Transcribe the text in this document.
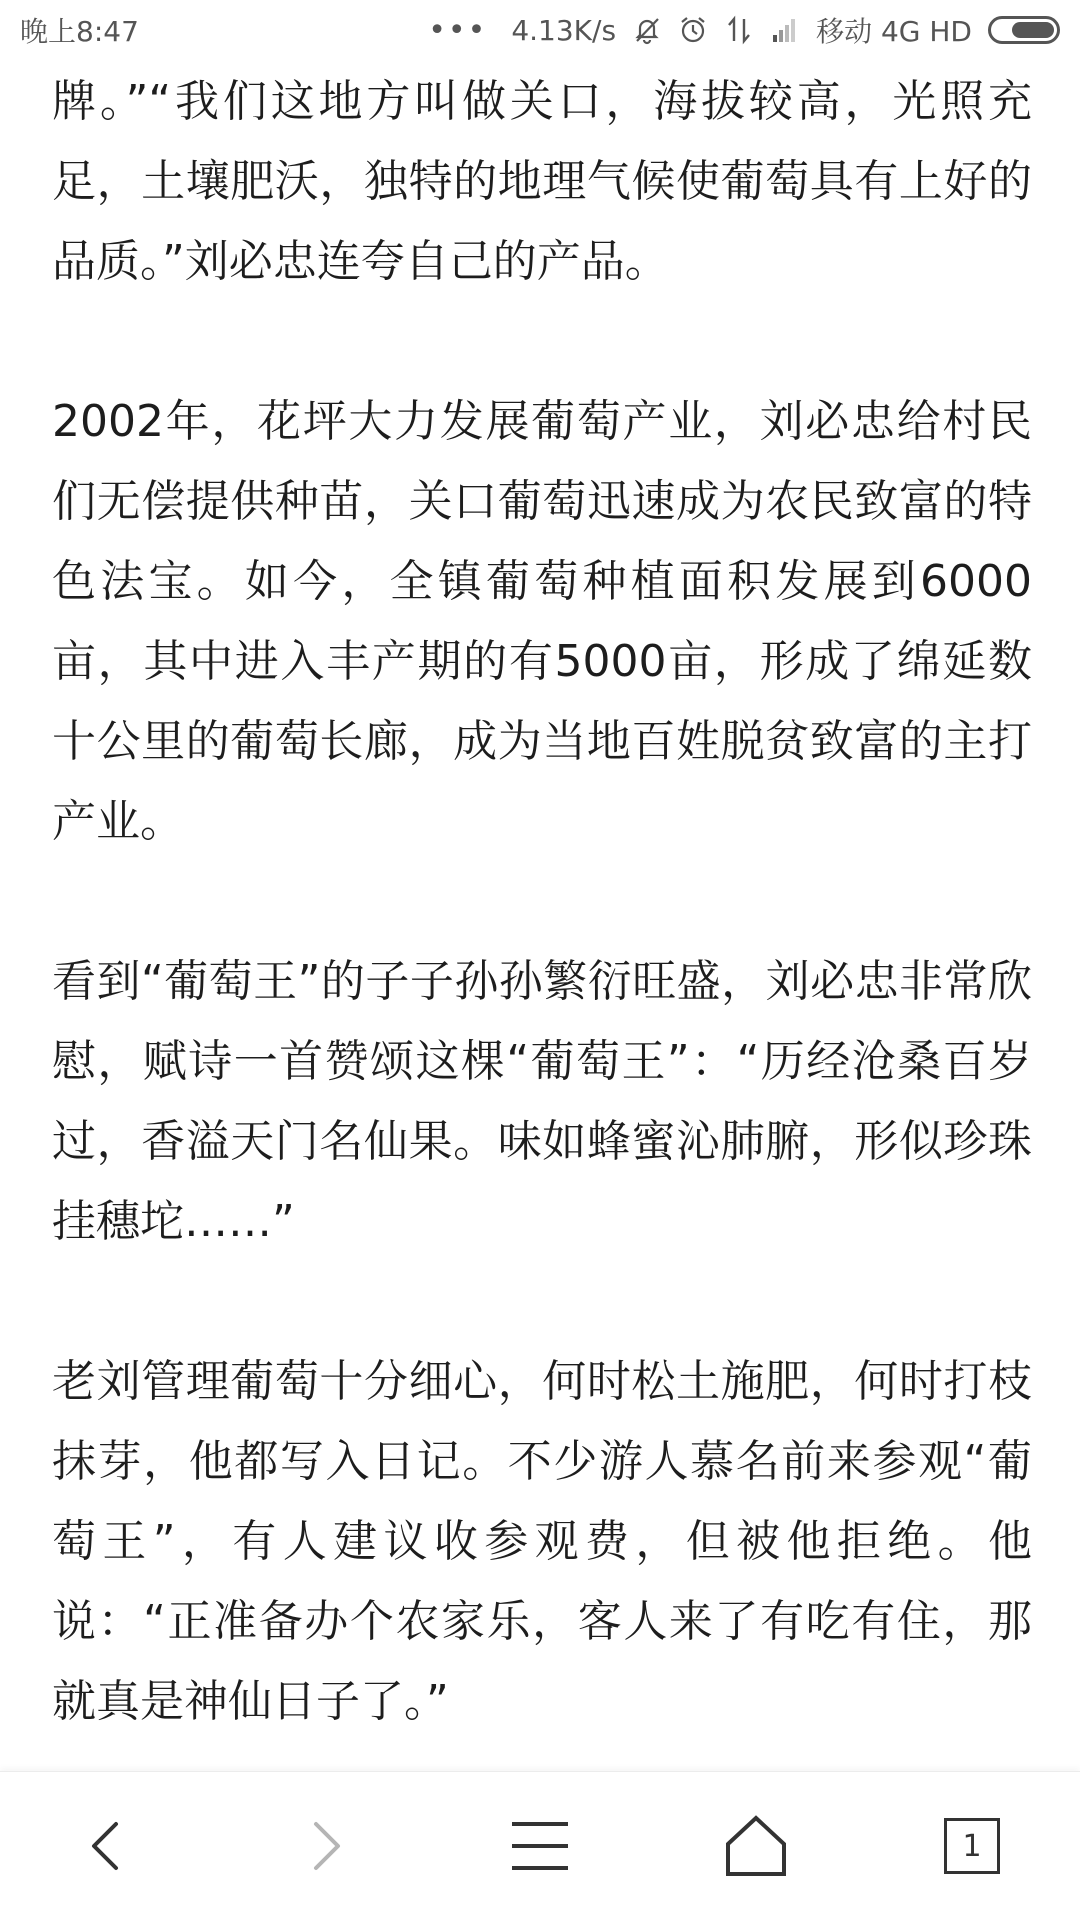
晚上8:47	••• 4.13K/s	移动 4G HD

牌。”“我们这地方叫做关口，海拔较高，光照充足，土壤肥沃，独特的地理气候使葡萄具有上好的品质。”刘必忠连夸自己的产品。

2002年，花坪大力发展葡萄产业，刘必忠给村民们无偿提供种苗，关口葡萄迅速成为农民致富的特色法宝。如今，全镇葡萄种植面积发展到6000亩，其中进入丰产期的有5000亩，形成了绵延数十公里的葡萄长廊，成为当地百姓脱贫致富的主打产业。

看到“葡萄王”的子子孙孙繁衍旺盛，刘必忠非常欣慰，赋诗一首赞颂这棵“葡萄王”：“历经沧桑百岁过，香溢天门名仙果。味如蜂蜜沁肺腑，形似珍珠挂穗坨……”

老刘管理葡萄十分细心，何时松土施肥，何时打枝抹芽，他都写入日记。不少游人慕名前来参观“葡萄王”，有人建议收参观费，但被他拒绝。他说：“正准备办个农家乐，客人来了有吃有住，那就真是神仙日子了。”

1
